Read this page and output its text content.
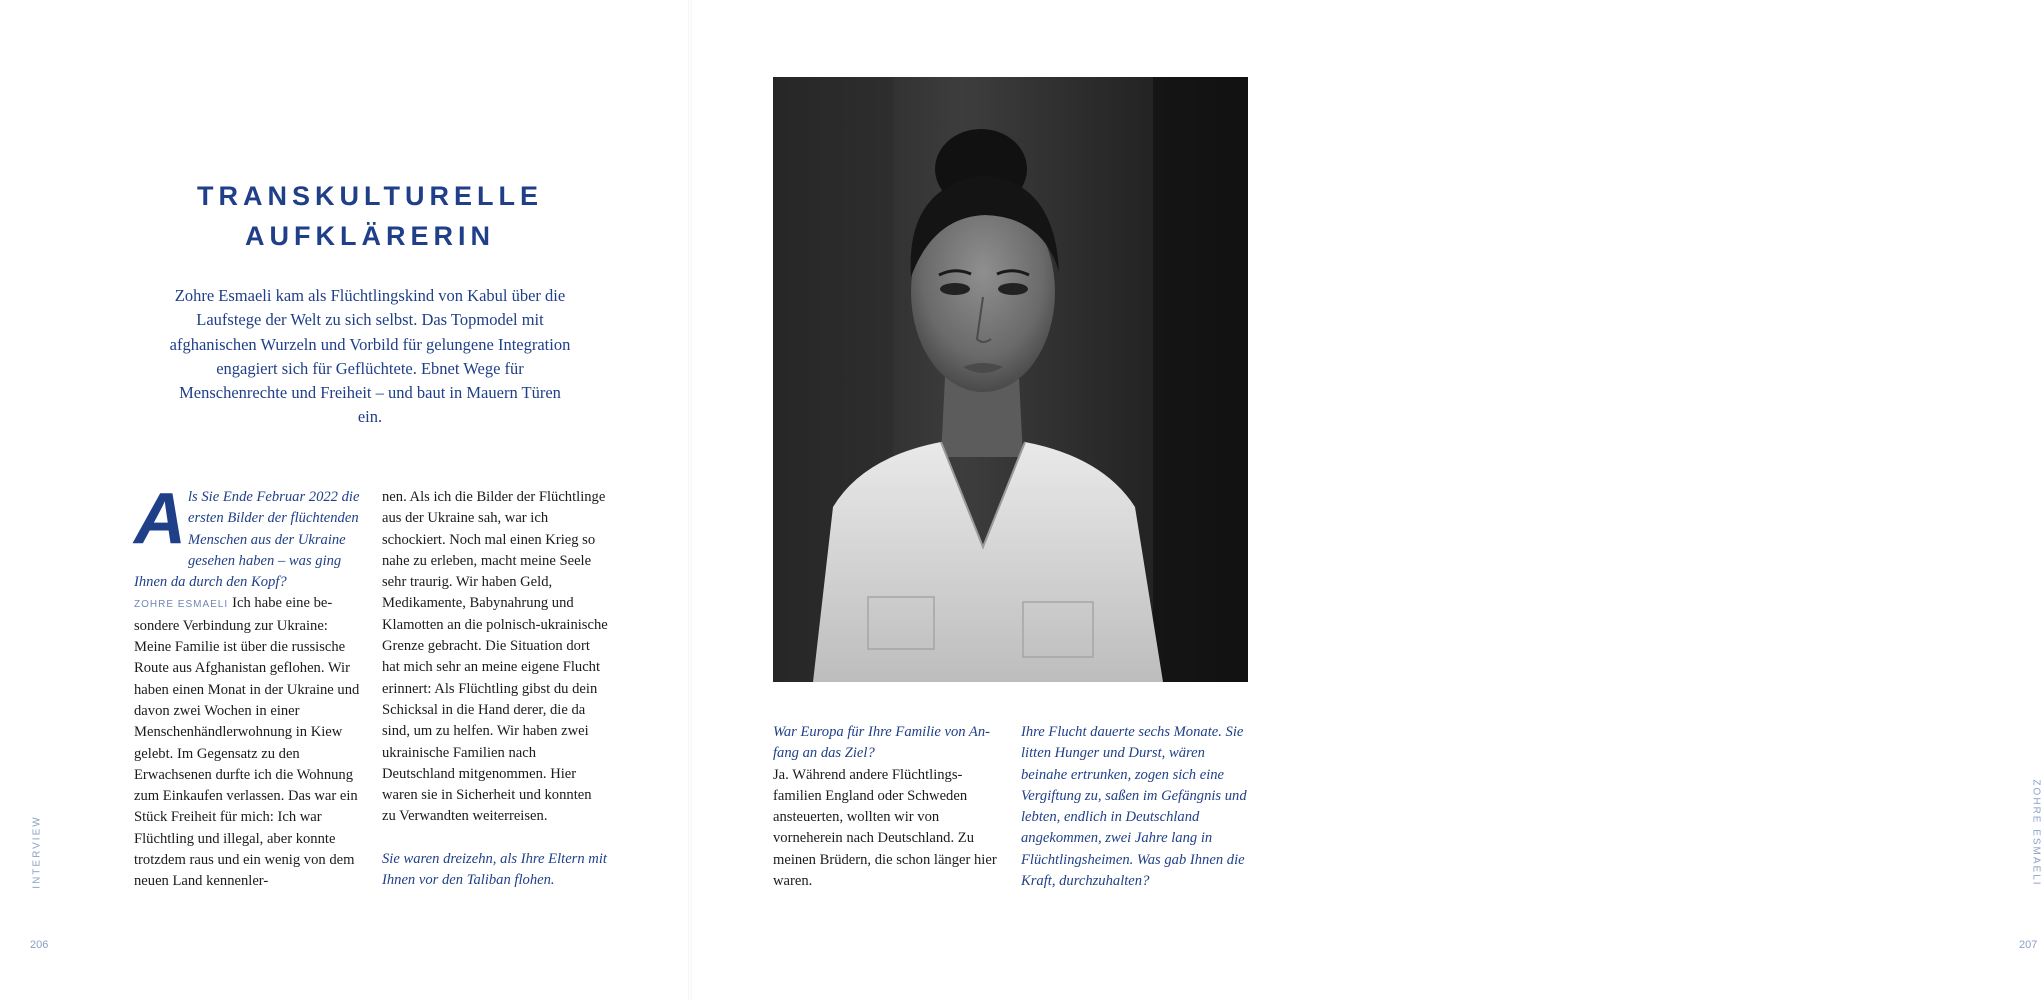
TRANSKULTURELLE
AUFKLÄRERIN

Zohre Esmaeli kam als Flüchtlingskind von Kabul über die Laufstege der Welt zu sich selbst. Das Topmodel mit afghanischen Wurzeln und Vorbild für gelungene Integration engagiert sich für Geflüchtete. Ebnet Wege für Menschenrechte und Freiheit – und baut in Mauern Türen ein.

Als Sie Ende Februar 2022 die ersten Bilder der flüchtenden Menschen aus der Ukraine gesehen haben – was ging Ihnen da durch den Kopf?

ZOHRE ESMAELI Ich habe eine besondere Verbindung zur Ukraine: Meine Familie ist über die russische Route aus Afghanistan geflohen. Wir haben einen Monat in der Ukraine und davon zwei Wochen in einer Menschenhändlerwohnung in Kiew gelebt. Im Gegensatz zu den Erwachsenen durfte ich die Wohnung zum Einkaufen verlassen. Das war ein Stück Freiheit für mich: Ich war Flüchtling und illegal, aber konnte trotzdem raus und ein wenig von dem neuen Land kennenler-

nen. Als ich die Bilder der Flüchtlinge aus der Ukraine sah, war ich schockiert. Noch mal einen Krieg so nahe zu erleben, macht meine Seele sehr traurig. Wir haben Geld, Medikamente, Babynahrung und Klamotten an die polnisch-ukrainische Grenze gebracht. Die Situation dort hat mich sehr an meine eigene Flucht erinnert: Als Flüchtling gibst du dein Schicksal in die Hand derer, die da sind, um zu helfen. Wir haben zwei ukrainische Familien nach Deutschland mitgenommen. Hier waren sie in Sicherheit und konnten zu Verwandten weiterreisen.

Sie waren dreizehn, als Ihre Eltern mit Ihnen vor den Taliban flohen.

INTERVIEW
206
ZOHRE ESMAELI
207

War Europa für Ihre Familie von Anfang an das Ziel?

Ja. Während andere Flüchtlingsfamilien England oder Schweden ansteuerten, wollten wir von vorneherein nach Deutschland. Zu meinen Brüdern, die schon länger hier waren.

Ihre Flucht dauerte sechs Monate. Sie litten Hunger und Durst, wären beinahe ertrunken, zogen sich eine Vergiftung zu, saßen im Gefängnis und lebten, endlich in Deutschland angekommen, zwei Jahre lang in Flüchtlingsheimen. Was gab Ihnen die Kraft, durchzuhalten?
